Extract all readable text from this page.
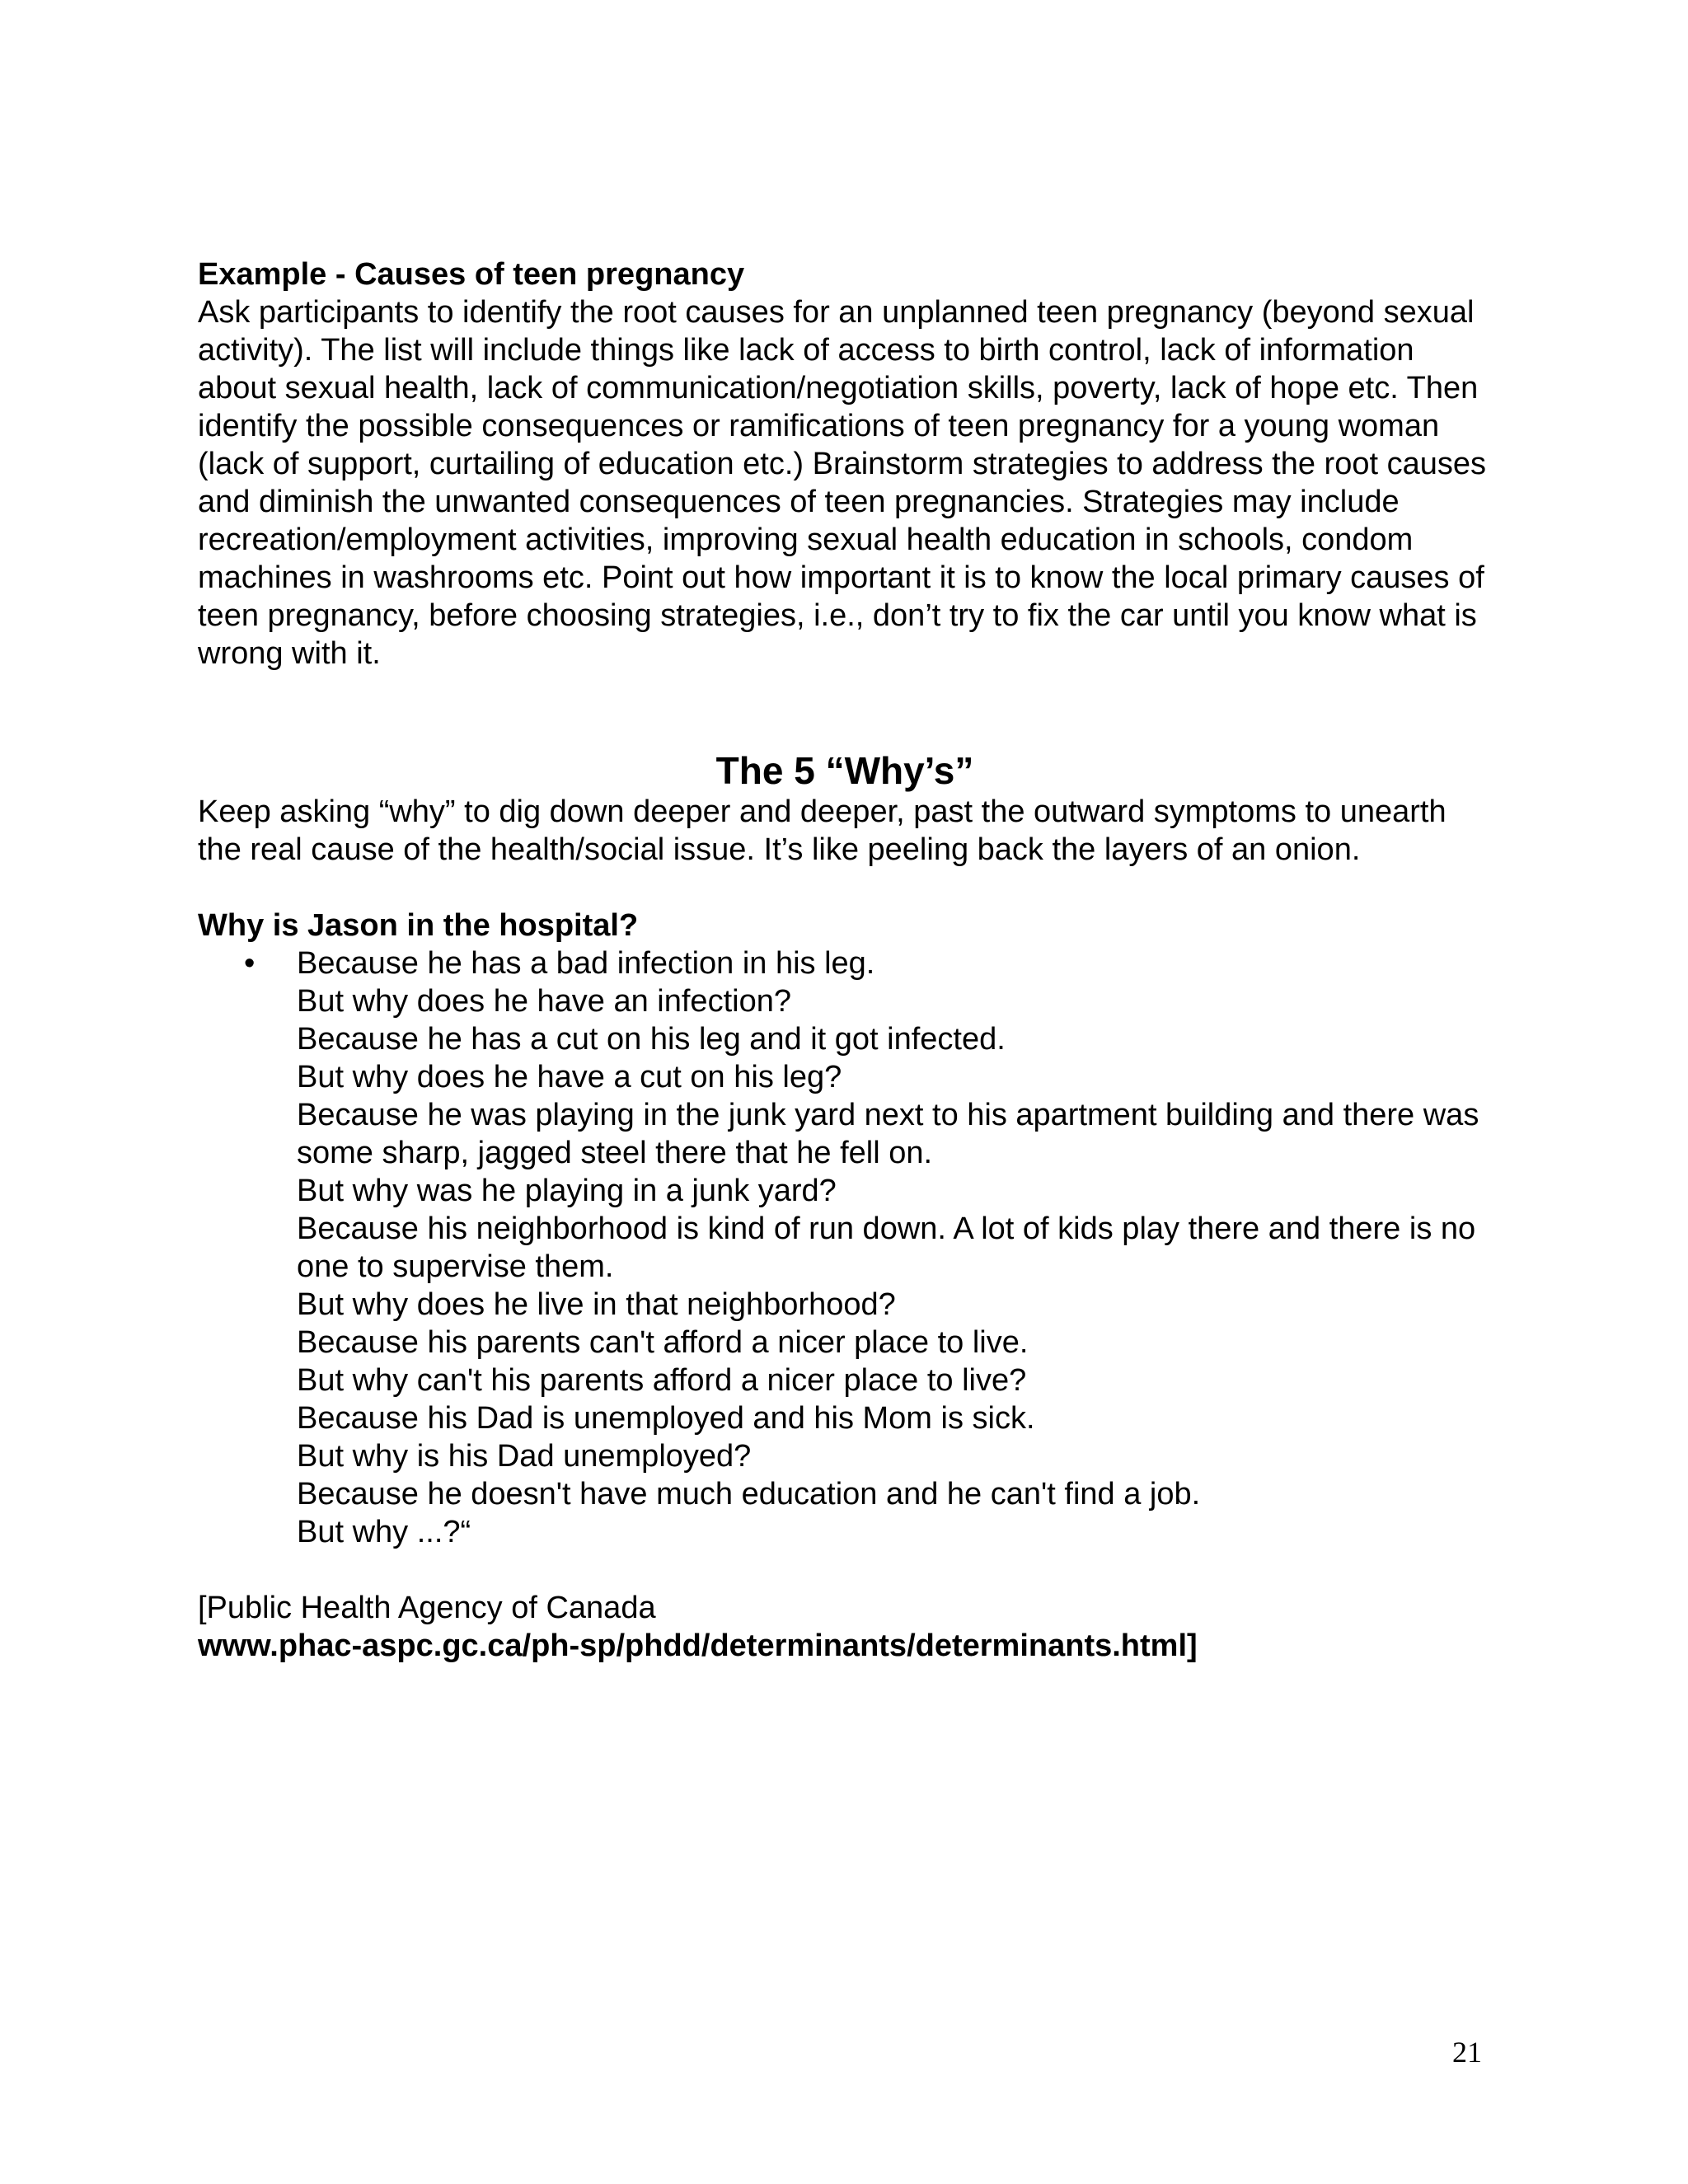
Example - Causes of teen pregnancy

Ask participants to identify the root causes for an unplanned teen pregnancy (beyond sexual activity). The list will include things like lack of access to birth control, lack of information about sexual health, lack of communication/negotiation skills, poverty, lack of hope etc. Then identify the possible consequences or ramifications of teen pregnancy for a young woman (lack of support, curtailing of education etc.) Brainstorm strategies to address the root causes and diminish the unwanted consequences of teen pregnancies. Strategies may include recreation/employment activities, improving sexual health education in schools, condom machines in washrooms etc. Point out how important it is to know the local primary causes of teen pregnancy, before choosing strategies, i.e., don’t try to fix the car until you know what is wrong with it.

The 5 “Why’s”

Keep asking “why” to dig down deeper and deeper, past the outward symptoms to unearth the real cause of the health/social issue. It’s like peeling back the layers of an onion.

Why is Jason in the hospital?

• Because he has a bad infection in his leg.
But why does he have an infection?
Because he has a cut on his leg and it got infected.
But why does he have a cut on his leg?
Because he was playing in the junk yard next to his apartment building and there was some sharp, jagged steel there that he fell on.
But why was he playing in a junk yard?
Because his neighborhood is kind of run down. A lot of kids play there and there is no one to supervise them.
But why does he live in that neighborhood?
Because his parents can't afford a nicer place to live.
But why can't his parents afford a nicer place to live?
Because his Dad is unemployed and his Mom is sick.
But why is his Dad unemployed?
Because he doesn't have much education and he can't find a job.
But why ...?“

[Public Health Agency of Canada

www.phac-aspc.gc.ca/ph-sp/phdd/determinants/determinants.html]

21
